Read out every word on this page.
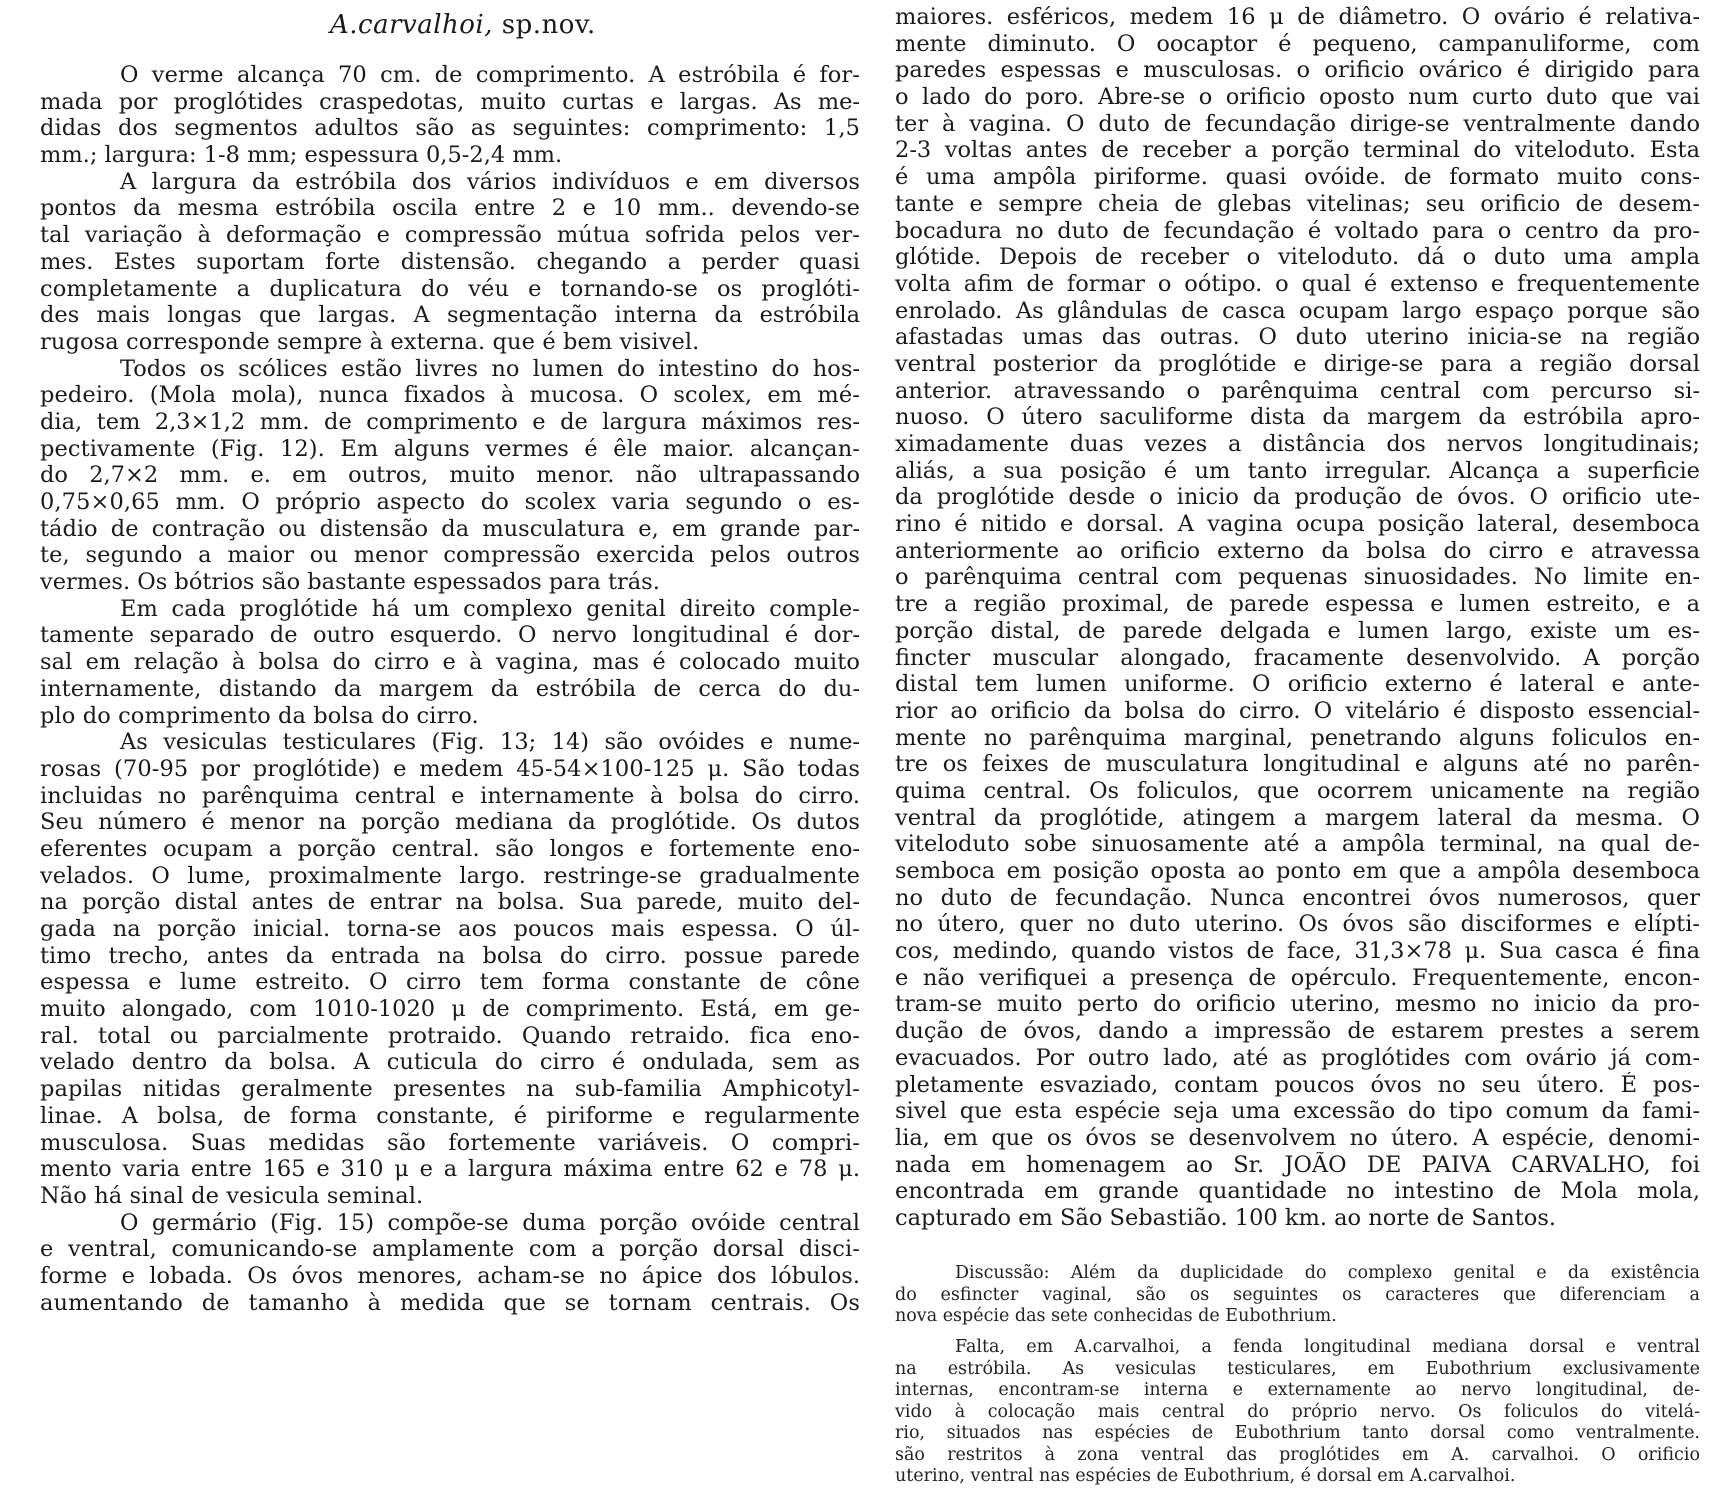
A.carvalhoi, sp.nov.
O verme alcança 70 cm. de comprimento. A estróbila é for-
mada por proglótides craspedotas, muito curtas e largas. As me-
didas dos segmentos adultos são as seguintes: comprimento: 1,5
mm.; largura: 1-8 mm; espessura 0,5-2,4 mm.
A largura da estróbila dos vários indivíduos e em diversos
pontos da mesma estróbila oscila entre 2 e 10 mm.. devendo-se
tal variação à deformação e compressão mútua sofrida pelos ver-
mes. Estes suportam forte distensão. chegando a perder quasi
completamente a duplicatura do véu e tornando-se os proglóti-
des mais longas que largas. A segmentação interna da estróbila
rugosa corresponde sempre à externa. que é bem visivel.
Todos os scólices estão livres no lumen do intestino do hos-
pedeiro. (Mola mola), nunca fixados à mucosa. O scolex, em mé-
dia, tem 2,3×1,2 mm. de comprimento e de largura máximos res-
pectivamente (Fig. 12). Em alguns vermes é êle maior. alcançan-
do 2,7×2 mm. e. em outros, muito menor. não ultrapassando
0,75×0,65 mm. O próprio aspecto do scolex varia segundo o es-
tádio de contração ou distensão da musculatura e, em grande par-
te, segundo a maior ou menor compressão exercida pelos outros
vermes. Os bótrios são bastante espessados para trás.
Em cada proglótide há um complexo genital direito comple-
tamente separado de outro esquerdo. O nervo longitudinal é dor-
sal em relação à bolsa do cirro e à vagina, mas é colocado muito
internamente, distando da margem da estróbila de cerca do du-
plo do comprimento da bolsa do cirro.
As vesiculas testiculares (Fig. 13; 14) são ovóides e nume-
rosas (70-95 por proglótide) e medem 45-54×100-125 μ. São todas
incluidas no parênquima central e internamente à bolsa do cirro.
Seu número é menor na porção mediana da proglótide. Os dutos
eferentes ocupam a porção central. são longos e fortemente eno-
velados. O lume, proximalmente largo. restringe-se gradualmente
na porção distal antes de entrar na bolsa. Sua parede, muito del-
gada na porção inicial. torna-se aos poucos mais espessa. O úl-
timo trecho, antes da entrada na bolsa do cirro. possue parede
espessa e lume estreito. O cirro tem forma constante de cône
muito alongado, com 1010-1020 μ de comprimento. Está, em ge-
ral. total ou parcialmente protraido. Quando retraido. fica eno-
velado dentro da bolsa. A cuticula do cirro é ondulada, sem as
papilas nitidas geralmente presentes na sub-familia Amphicotyl-
linae. A bolsa, de forma constante, é piriforme e regularmente
musculosa. Suas medidas são fortemente variáveis. O compri-
mento varia entre 165 e 310 μ e a largura máxima entre 62 e 78 μ.
Não há sinal de vesicula seminal.
O germário (Fig. 15) compõe-se duma porção ovóide central
e ventral, comunicando-se amplamente com a porção dorsal disci-
forme e lobada. Os óvos menores, acham-se no ápice dos lóbulos.
aumentando de tamanho à medida que se tornam centrais. Os
maiores. esféricos, medem 16 μ de diâmetro. O ovário é relativa-
mente diminuto. O oocaptor é pequeno, campanuliforme, com
paredes espessas e musculosas. o orificio ovárico é dirigido para
o lado do poro. Abre-se o orificio oposto num curto duto que vai
ter à vagina. O duto de fecundação dirige-se ventralmente dando
2-3 voltas antes de receber a porção terminal do viteloduto. Esta
é uma ampôla piriforme. quasi ovóide. de formato muito cons-
tante e sempre cheia de glebas vitelinas; seu orificio de desem-
bocadura no duto de fecundação é voltado para o centro da pro-
glótide. Depois de receber o viteloduto. dá o duto uma ampla
volta afim de formar o oótipo. o qual é extenso e frequentemente
enrolado. As glândulas de casca ocupam largo espaço porque são
afastadas umas das outras. O duto uterino inicia-se na região
ventral posterior da proglótide e dirige-se para a região dorsal
anterior. atravessando o parênquima central com percurso si-
nuoso. O útero saculiforme dista da margem da estróbila apro-
ximadamente duas vezes a distância dos nervos longitudinais;
aliás, a sua posição é um tanto irregular. Alcança a superficie
da proglótide desde o inicio da produção de óvos. O orificio ute-
rino é nitido e dorsal. A vagina ocupa posição lateral, desemboca
anteriormente ao orificio externo da bolsa do cirro e atravessa
o parênquima central com pequenas sinuosidades. No limite en-
tre a região proximal, de parede espessa e lumen estreito, e a
porção distal, de parede delgada e lumen largo, existe um es-
fincter muscular alongado, fracamente desenvolvido. A porção
distal tem lumen uniforme. O orificio externo é lateral e ante-
rior ao orificio da bolsa do cirro. O vitelário é disposto essencial-
mente no parênquima marginal, penetrando alguns foliculos en-
tre os feixes de musculatura longitudinal e alguns até no parên-
quima central. Os foliculos, que ocorrem unicamente na região
ventral da proglótide, atingem a margem lateral da mesma. O
viteloduto sobe sinuosamente até a ampôla terminal, na qual de-
semboca em posição oposta ao ponto em que a ampôla desemboca
no duto de fecundação. Nunca encontrei óvos numerosos, quer
no útero, quer no duto uterino. Os óvos são disciformes e elípti-
cos, medindo, quando vistos de face, 31,3×78 μ. Sua casca é fina
e não verifiquei a presença de opérculo. Frequentemente, encon-
tram-se muito perto do orificio uterino, mesmo no inicio da pro-
dução de óvos, dando a impressão de estarem prestes a serem
evacuados. Por outro lado, até as proglótides com ovário já com-
pletamente esvaziado, contam poucos óvos no seu útero. É pos-
sivel que esta espécie seja uma excessão do tipo comum da fami-
lia, em que os óvos se desenvolvem no útero. A espécie, denomi-
nada em homenagem ao Sr. JOÃO DE PAIVA CARVALHO, foi
encontrada em grande quantidade no intestino de Mola mola,
capturado em São Sebastião. 100 km. ao norte de Santos.
Discussão: Além da duplicidade do complexo genital e da existência
do esfincter vaginal, são os seguintes os caracteres que diferenciam a
nova espécie das sete conhecidas de Eubothrium.
Falta, em A.carvalhoi, a fenda longitudinal mediana dorsal e ventral
na estróbila. As vesiculas testiculares, em Eubothrium exclusivamente
internas, encontram-se interna e externamente ao nervo longitudinal, de-
vido à colocação mais central do próprio nervo. Os foliculos do vitelá-
rio, situados nas espécies de Eubothrium tanto dorsal como ventralmente.
são restritos à zona ventral das proglótides em A. carvalhoi. O orificio
uterino, ventral nas espécies de Eubothrium, é dorsal em A.carvalhoi.
